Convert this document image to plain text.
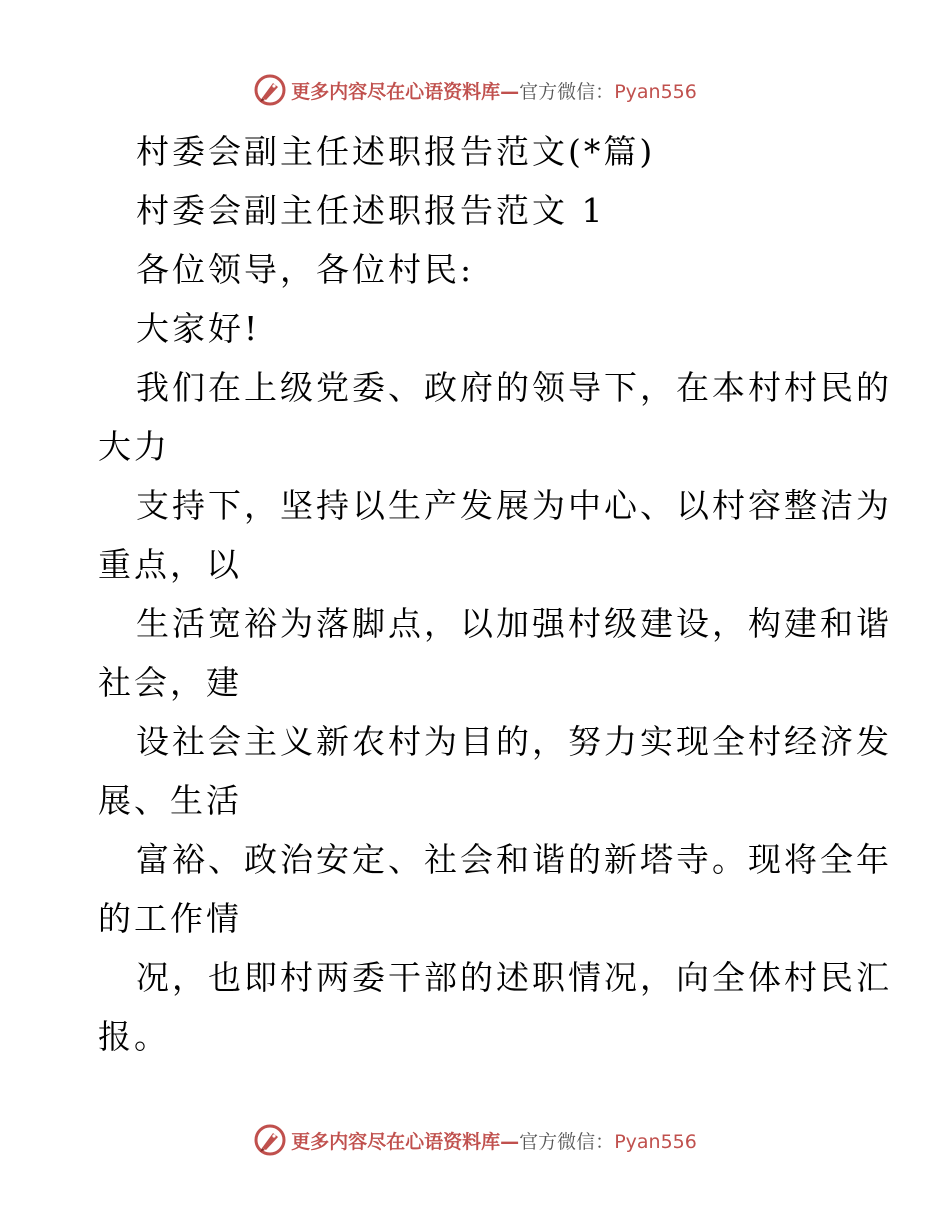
更多内容尽在心语资料库—官方微信：Pyan556
村委会副主任述职报告范文(*篇)
村委会副主任述职报告范文 1
各位领导，各位村民:
大家好!
我们在上级党委、政府的领导下，在本村村民的
大力
支持下，坚持以生产发展为中心、以村容整洁为
重点，以
生活宽裕为落脚点，以加强村级建设，构建和谐
社会，建
设社会主义新农村为目的，努力实现全村经济发
展、生活
富裕、政治安定、社会和谐的新塔寺。现将全年
的工作情
况，也即村两委干部的述职情况，向全体村民汇
报。
更多内容尽在心语资料库—官方微信：Pyan556
